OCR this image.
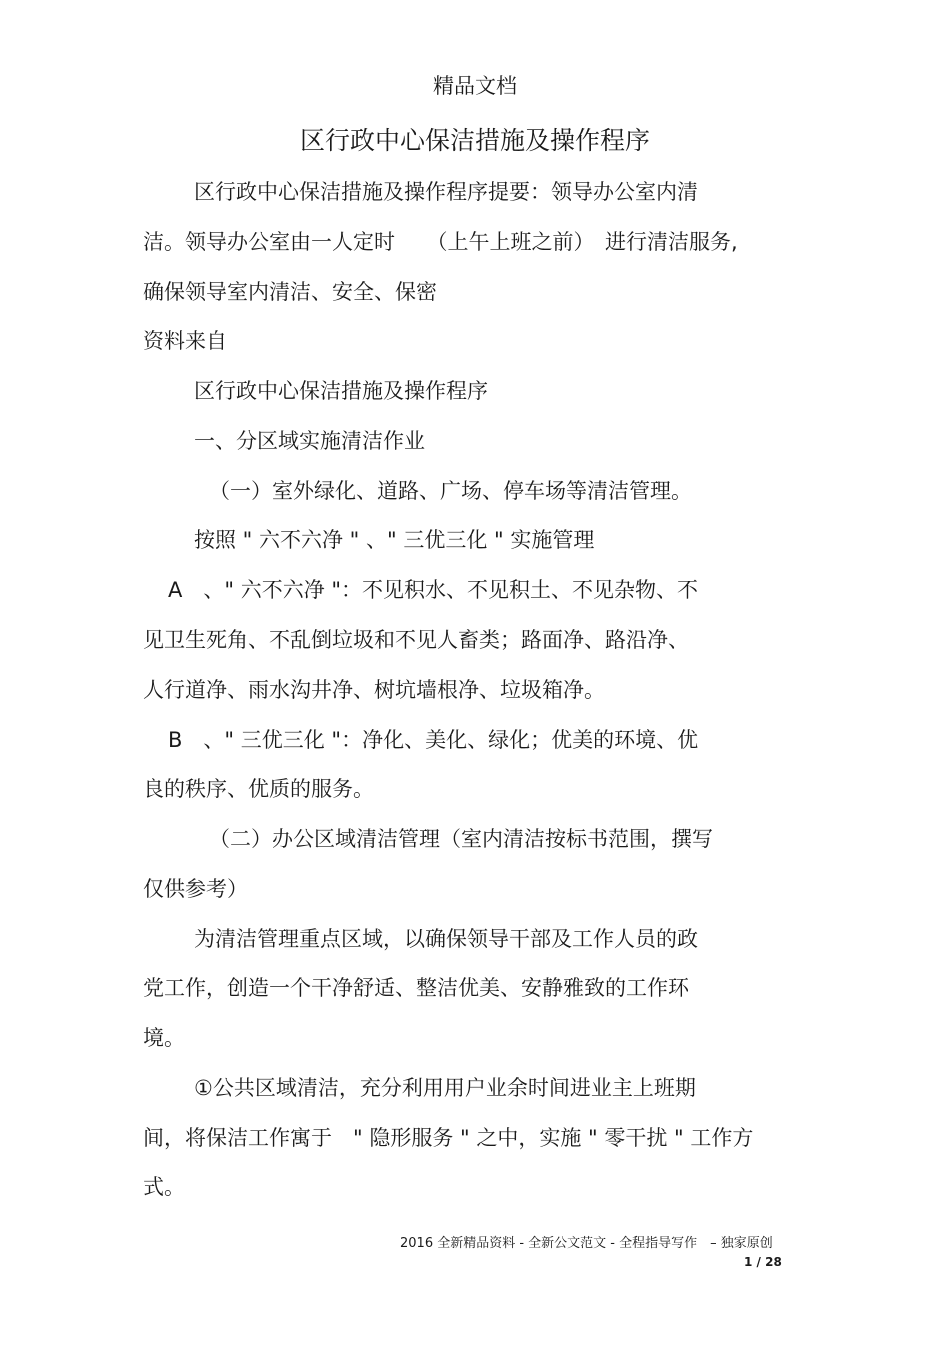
精品文档
区行政中心保洁措施及操作程序
区行政中心保洁措施及操作程序提要：领导办公室内清
洁。领导办公室由一人定时　　（上午上班之前）　进行清洁服务,
确保领导室内清洁、安全、保密
资料来自
区行政中心保洁措施及操作程序
一、分区域实施清洁作业
（一）室外绿化、道路、广场、停车场等清洁管理。
按照 " 六不六净 " 、" 三优三化 " 实施管理
A　、" 六不六净 "：不见积水、不见积土、不见杂物、不
见卫生死角、不乱倒垃圾和不见人畜类；路面净、路沿净、
人行道净、雨水沟井净、树坑墙根净、垃圾箱净。
B　、" 三优三化 "：净化、美化、绿化；优美的环境、优
良的秩序、优质的服务。
（二）办公区域清洁管理（室内清洁按标书范围，撰写
仅供参考）
为清洁管理重点区域，以确保领导干部及工作人员的政
党工作，创造一个干净舒适、整洁优美、安静雅致的工作环
境。
①公共区域清洁，充分利用用户业余时间进业主上班期
间，将保洁工作寓于　" 隐形服务 " 之中，实施 " 零干扰 " 工作方
式。
2016 全新精品资料 - 全新公文范文 - 全程指导写作　– 独家原创
1 / 28
